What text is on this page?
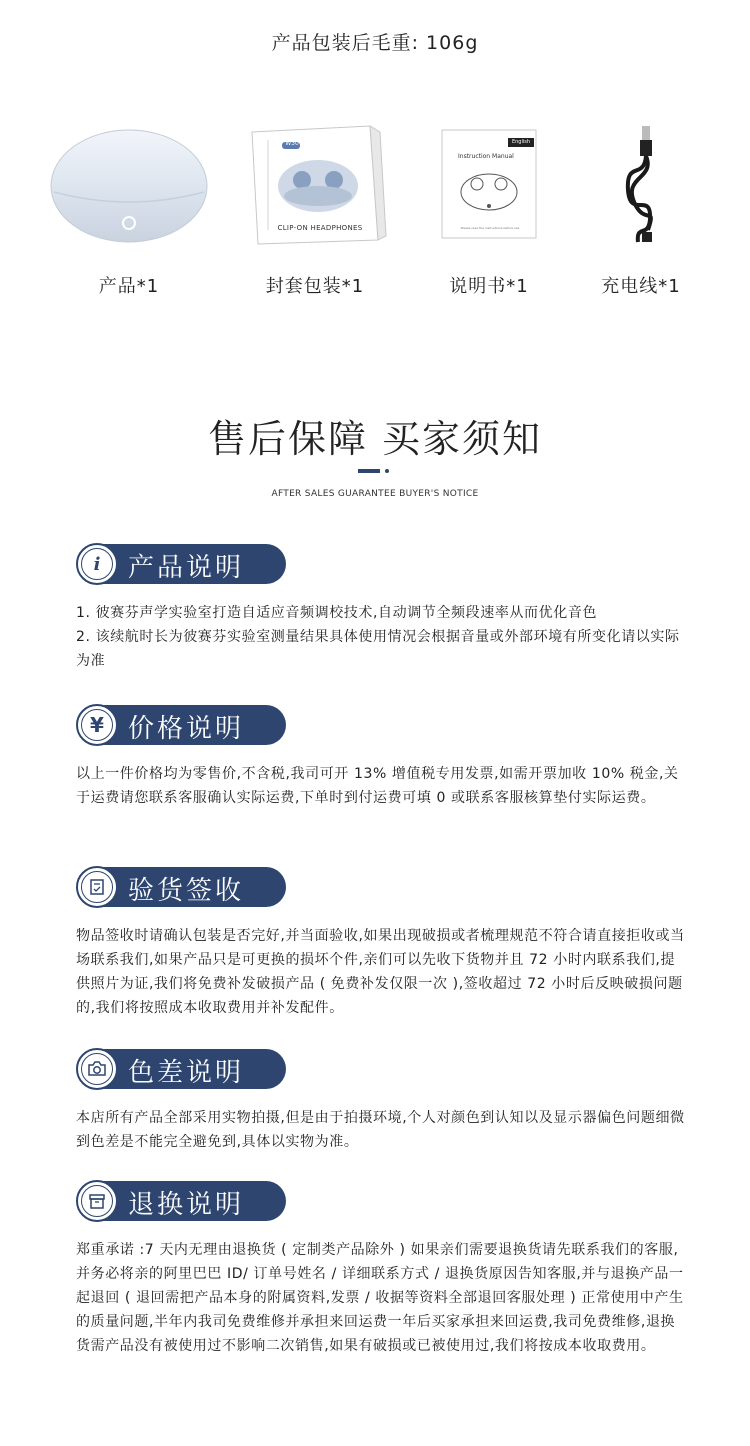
产品包装后毛重: 106g
产品*1
W30
CLIP-ON HEADPHONES
封套包装*1
English
Instruction Manual
Please read the instructions before use
说明书*1	充电线*1
售后保障 买家须知
AFTER SALES GUARANTEE BUYER'S NOTICE
i 产品说明
1. 彼赛芬声学实验室打造自适应音频调校技术,自动调节全频段速率从而优化音色
2. 该续航时长为彼赛芬实验室测量结果具体使用情况会根据音量或外部环境有所变化请以实际为准
¥ 价格说明
以上一件价格均为零售价,不含税,我司可开 13% 增值税专用发票,如需开票加收 10% 税金,关于运费请您联系客服确认实际运费,下单时到付运费可填 0 或联系客服核算垫付实际运费。
验货签收
物品签收时请确认包装是否完好,并当面验收,如果出现破损或者梳理规范不符合请直接拒收或当场联系我们,如果产品只是可更换的损坏个件,亲们可以先收下货物并且 72 小时内联系我们,提供照片为证,我们将免费补发破损产品 ( 免费补发仅限一次 ),签收超过 72 小时后反映破损问题的,我们将按照成本收取费用并补发配件。
色差说明
本店所有产品全部采用实物拍摄,但是由于拍摄环境,个人对颜色到认知以及显示器偏色问题细微到色差是不能完全避免到,具体以实物为准。
退换说明
郑重承诺 :7 天内无理由退换货 ( 定制类产品除外 ) 如果亲们需要退换货请先联系我们的客服,并务必将亲的阿里巴巴 ID/ 订单号姓名 / 详细联系方式 / 退换货原因告知客服,并与退换产品一起退回 ( 退回需把产品本身的附属资料,发票 / 收据等资料全部退回客服处理 ) 正常使用中产生的质量问题,半年内我司免费维修并承担来回运费一年后买家承担来回运费,我司免费维修,退换货需产品没有被使用过不影响二次销售,如果有破损或已被使用过,我们将按成本收取费用。
